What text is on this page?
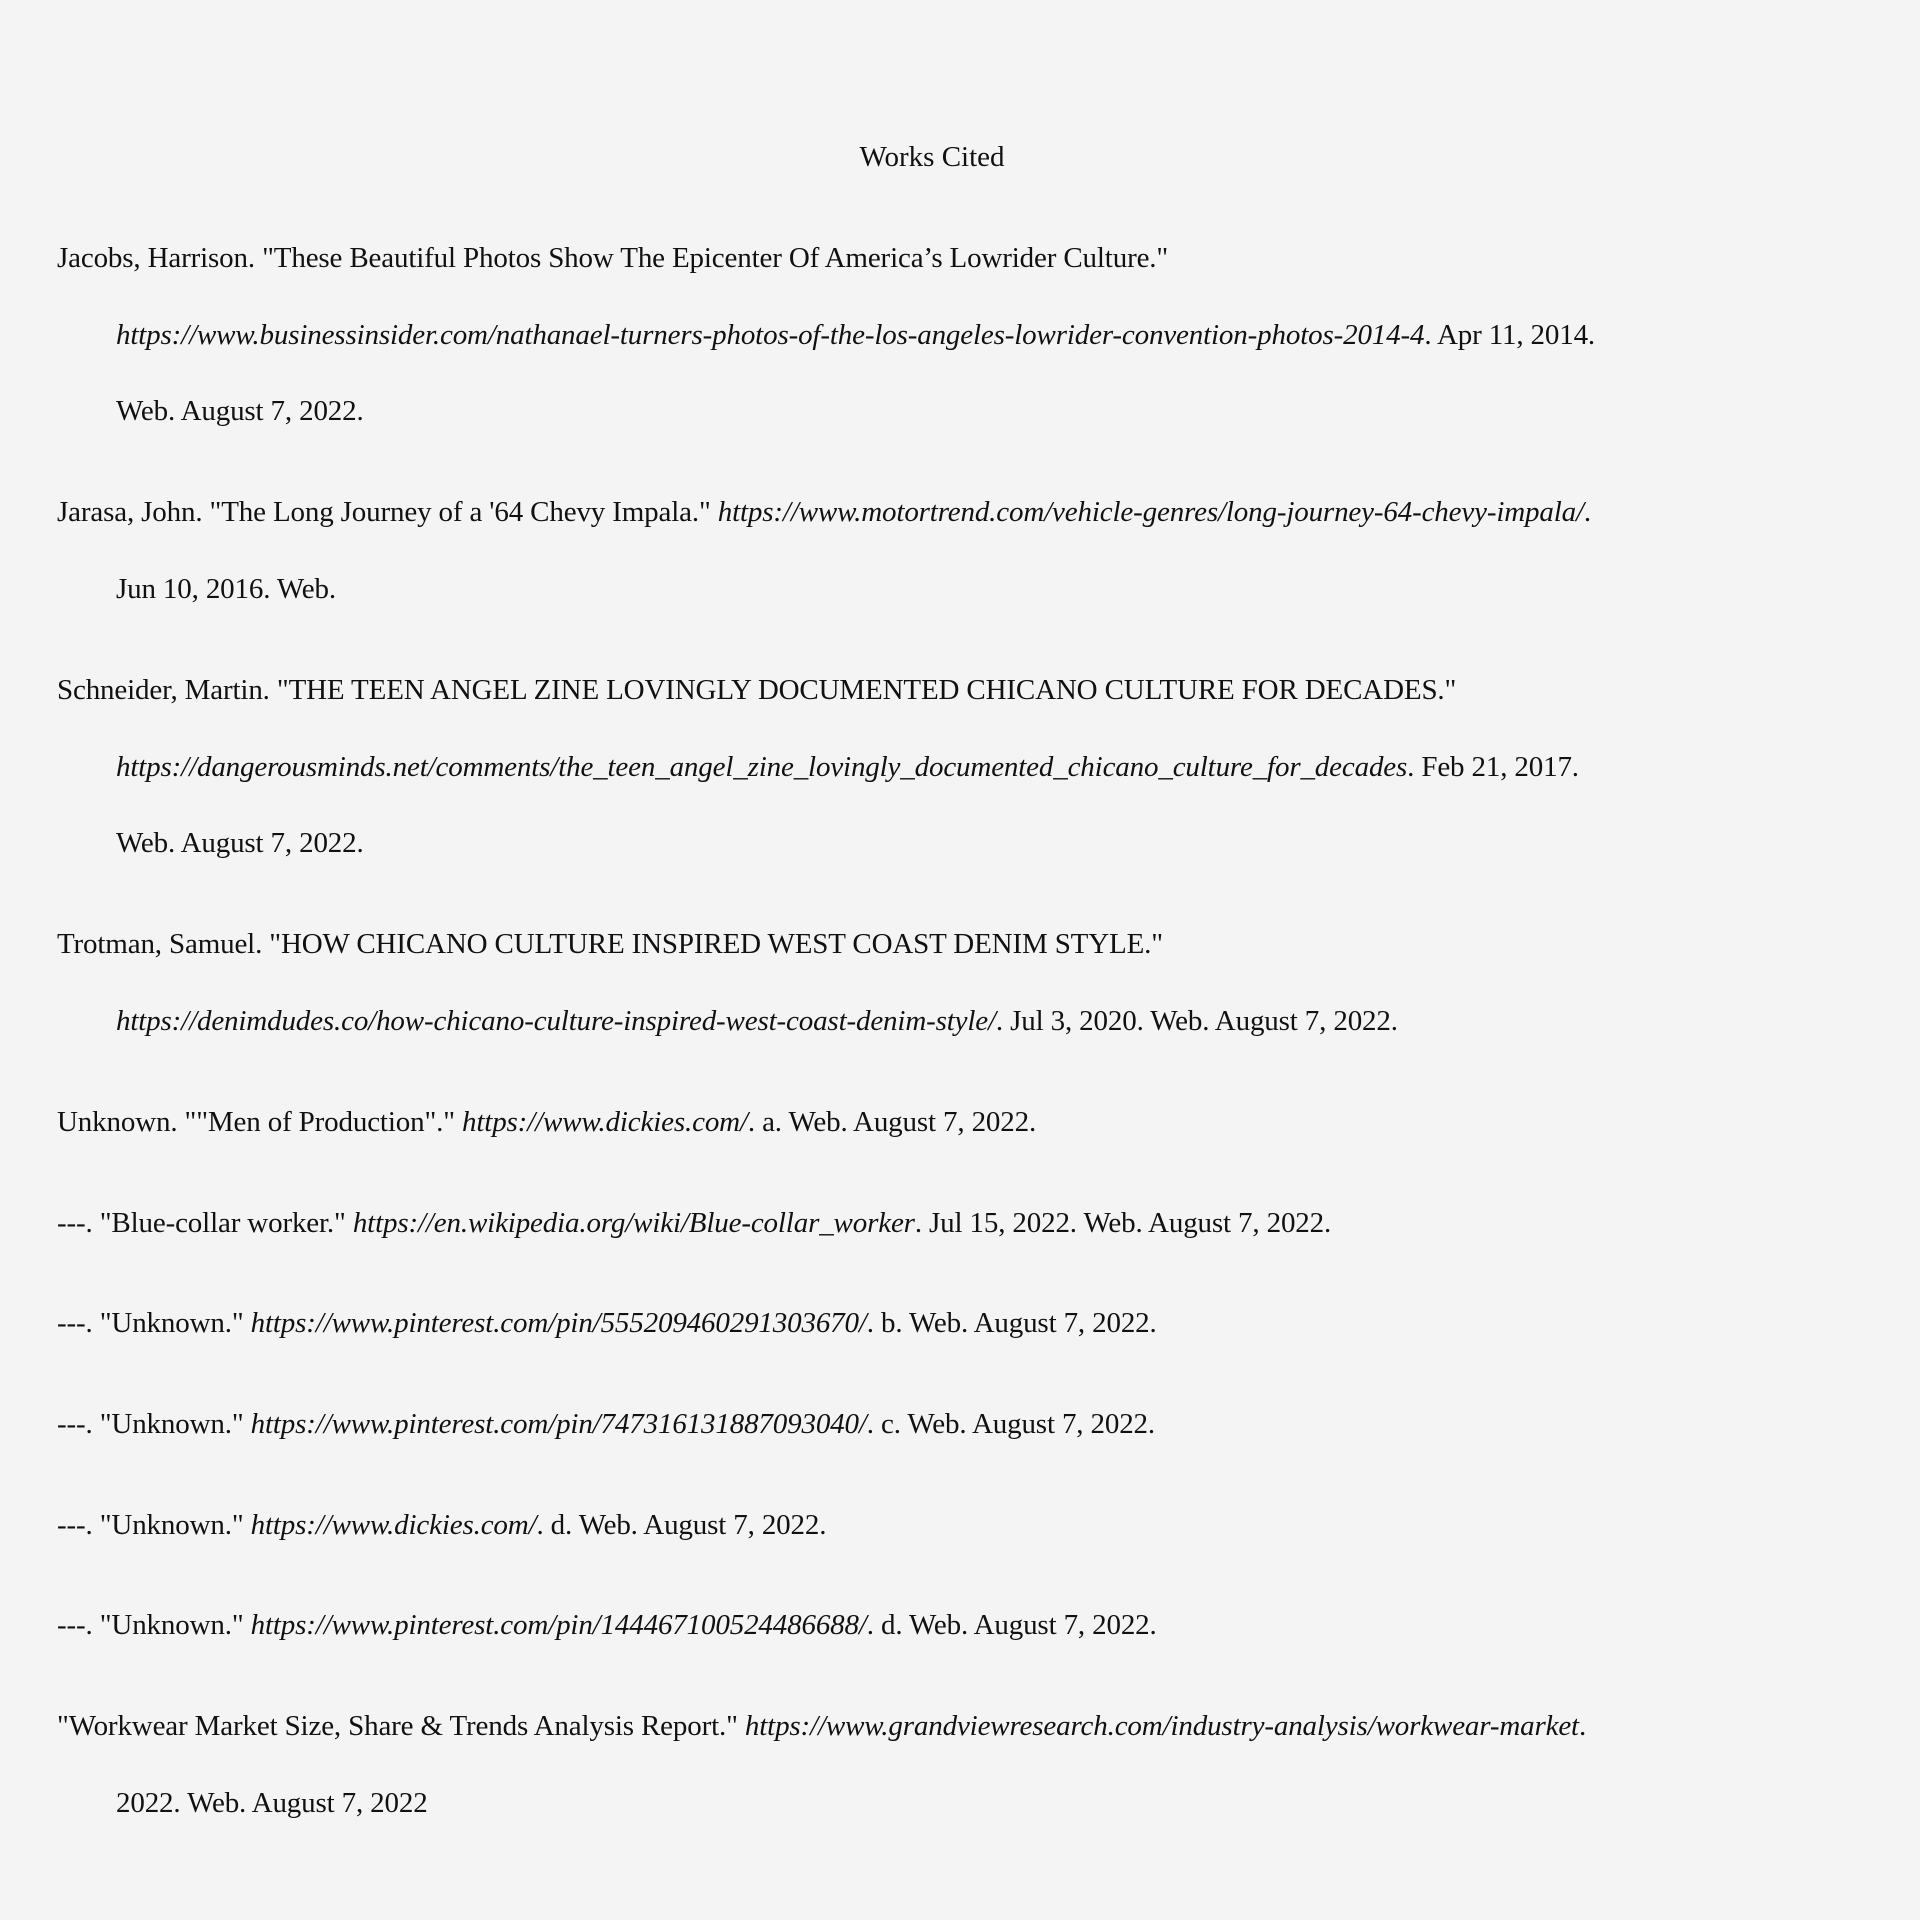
Works Cited
Jacobs, Harrison. "These Beautiful Photos Show The Epicenter Of America’s Lowrider Culture."
https://www.businessinsider.com/nathanael-turners-photos-of-the-los-angeles-lowrider-convention-photos-2014-4. Apr 11, 2014.
Web. August 7, 2022.
Jarasa, John. "The Long Journey of a '64 Chevy Impala." https://www.motortrend.com/vehicle-genres/long-journey-64-chevy-impala/.
Jun 10, 2016. Web.
Schneider, Martin. "THE TEEN ANGEL ZINE LOVINGLY DOCUMENTED CHICANO CULTURE FOR DECADES."
https://dangerousminds.net/comments/the_teen_angel_zine_lovingly_documented_chicano_culture_for_decades. Feb 21, 2017.
Web. August 7, 2022.
Trotman, Samuel. "HOW CHICANO CULTURE INSPIRED WEST COAST DENIM STYLE."
https://denimdudes.co/how-chicano-culture-inspired-west-coast-denim-style/. Jul 3, 2020. Web. August 7, 2022.
Unknown. ""Men of Production"." https://www.dickies.com/. a. Web. August 7, 2022.
---. "Blue-collar worker." https://en.wikipedia.org/wiki/Blue-collar_worker. Jul 15, 2022. Web. August 7, 2022.
---. "Unknown." https://www.pinterest.com/pin/555209460291303670/. b. Web. August 7, 2022.
---. "Unknown." https://www.pinterest.com/pin/747316131887093040/. c. Web. August 7, 2022.
---. "Unknown." https://www.dickies.com/. d. Web. August 7, 2022.
---. "Unknown." https://www.pinterest.com/pin/144467100524486688/. d. Web. August 7, 2022.
"Workwear Market Size, Share & Trends Analysis Report." https://www.grandviewresearch.com/industry-analysis/workwear-market.
2022. Web. August 7, 2022
